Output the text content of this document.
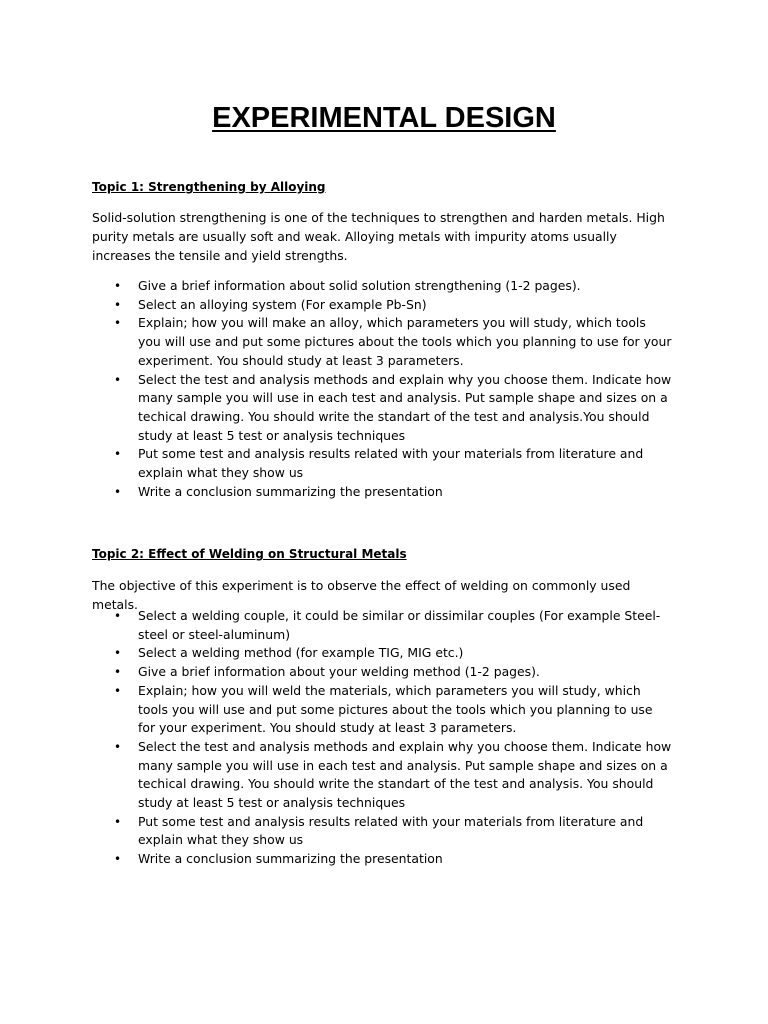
EXPERIMENTAL DESIGN

Topic 1: Strengthening by Alloying

Solid-solution strengthening is one of the techniques to strengthen and harden metals. High purity metals are usually soft and weak. Alloying metals with impurity atoms usually increases the tensile and yield strengths.

• Give a brief information about solid solution strengthening (1-2 pages).
• Select an alloying system (For example Pb-Sn)
• Explain; how you will make an alloy, which parameters you will study, which tools you will use and put some pictures about the tools which you planning to use for your experiment. You should study at least 3 parameters.
• Select the test and analysis methods and explain why you choose them. Indicate how many sample you will use in each test and analysis. Put sample shape and sizes on a techical drawing. You should write the standart of the test and analysis.You should study at least 5 test or analysis techniques
• Put some test and analysis results related with your materials from literature and explain what they show us
• Write a conclusion summarizing the presentation

Topic 2: Effect of Welding on Structural Metals

The objective of this experiment is to observe the effect of welding on commonly used metals.

• Select a welding couple, it could be similar or dissimilar couples (For example Steel-steel or steel-aluminum)
• Select a welding method (for example TIG, MIG etc.)
• Give a brief information about your welding method (1-2 pages).
• Explain; how you will weld the materials, which parameters you will study, which tools you will use and put some pictures about the tools which you planning to use for your experiment. You should study at least 3 parameters.
• Select the test and analysis methods and explain why you choose them. Indicate how many sample you will use in each test and analysis. Put sample shape and sizes on a techical drawing. You should write the standart of the test and analysis. You should study at least 5 test or analysis techniques
• Put some test and analysis results related with your materials from literature and explain what they show us
• Write a conclusion summarizing the presentation
